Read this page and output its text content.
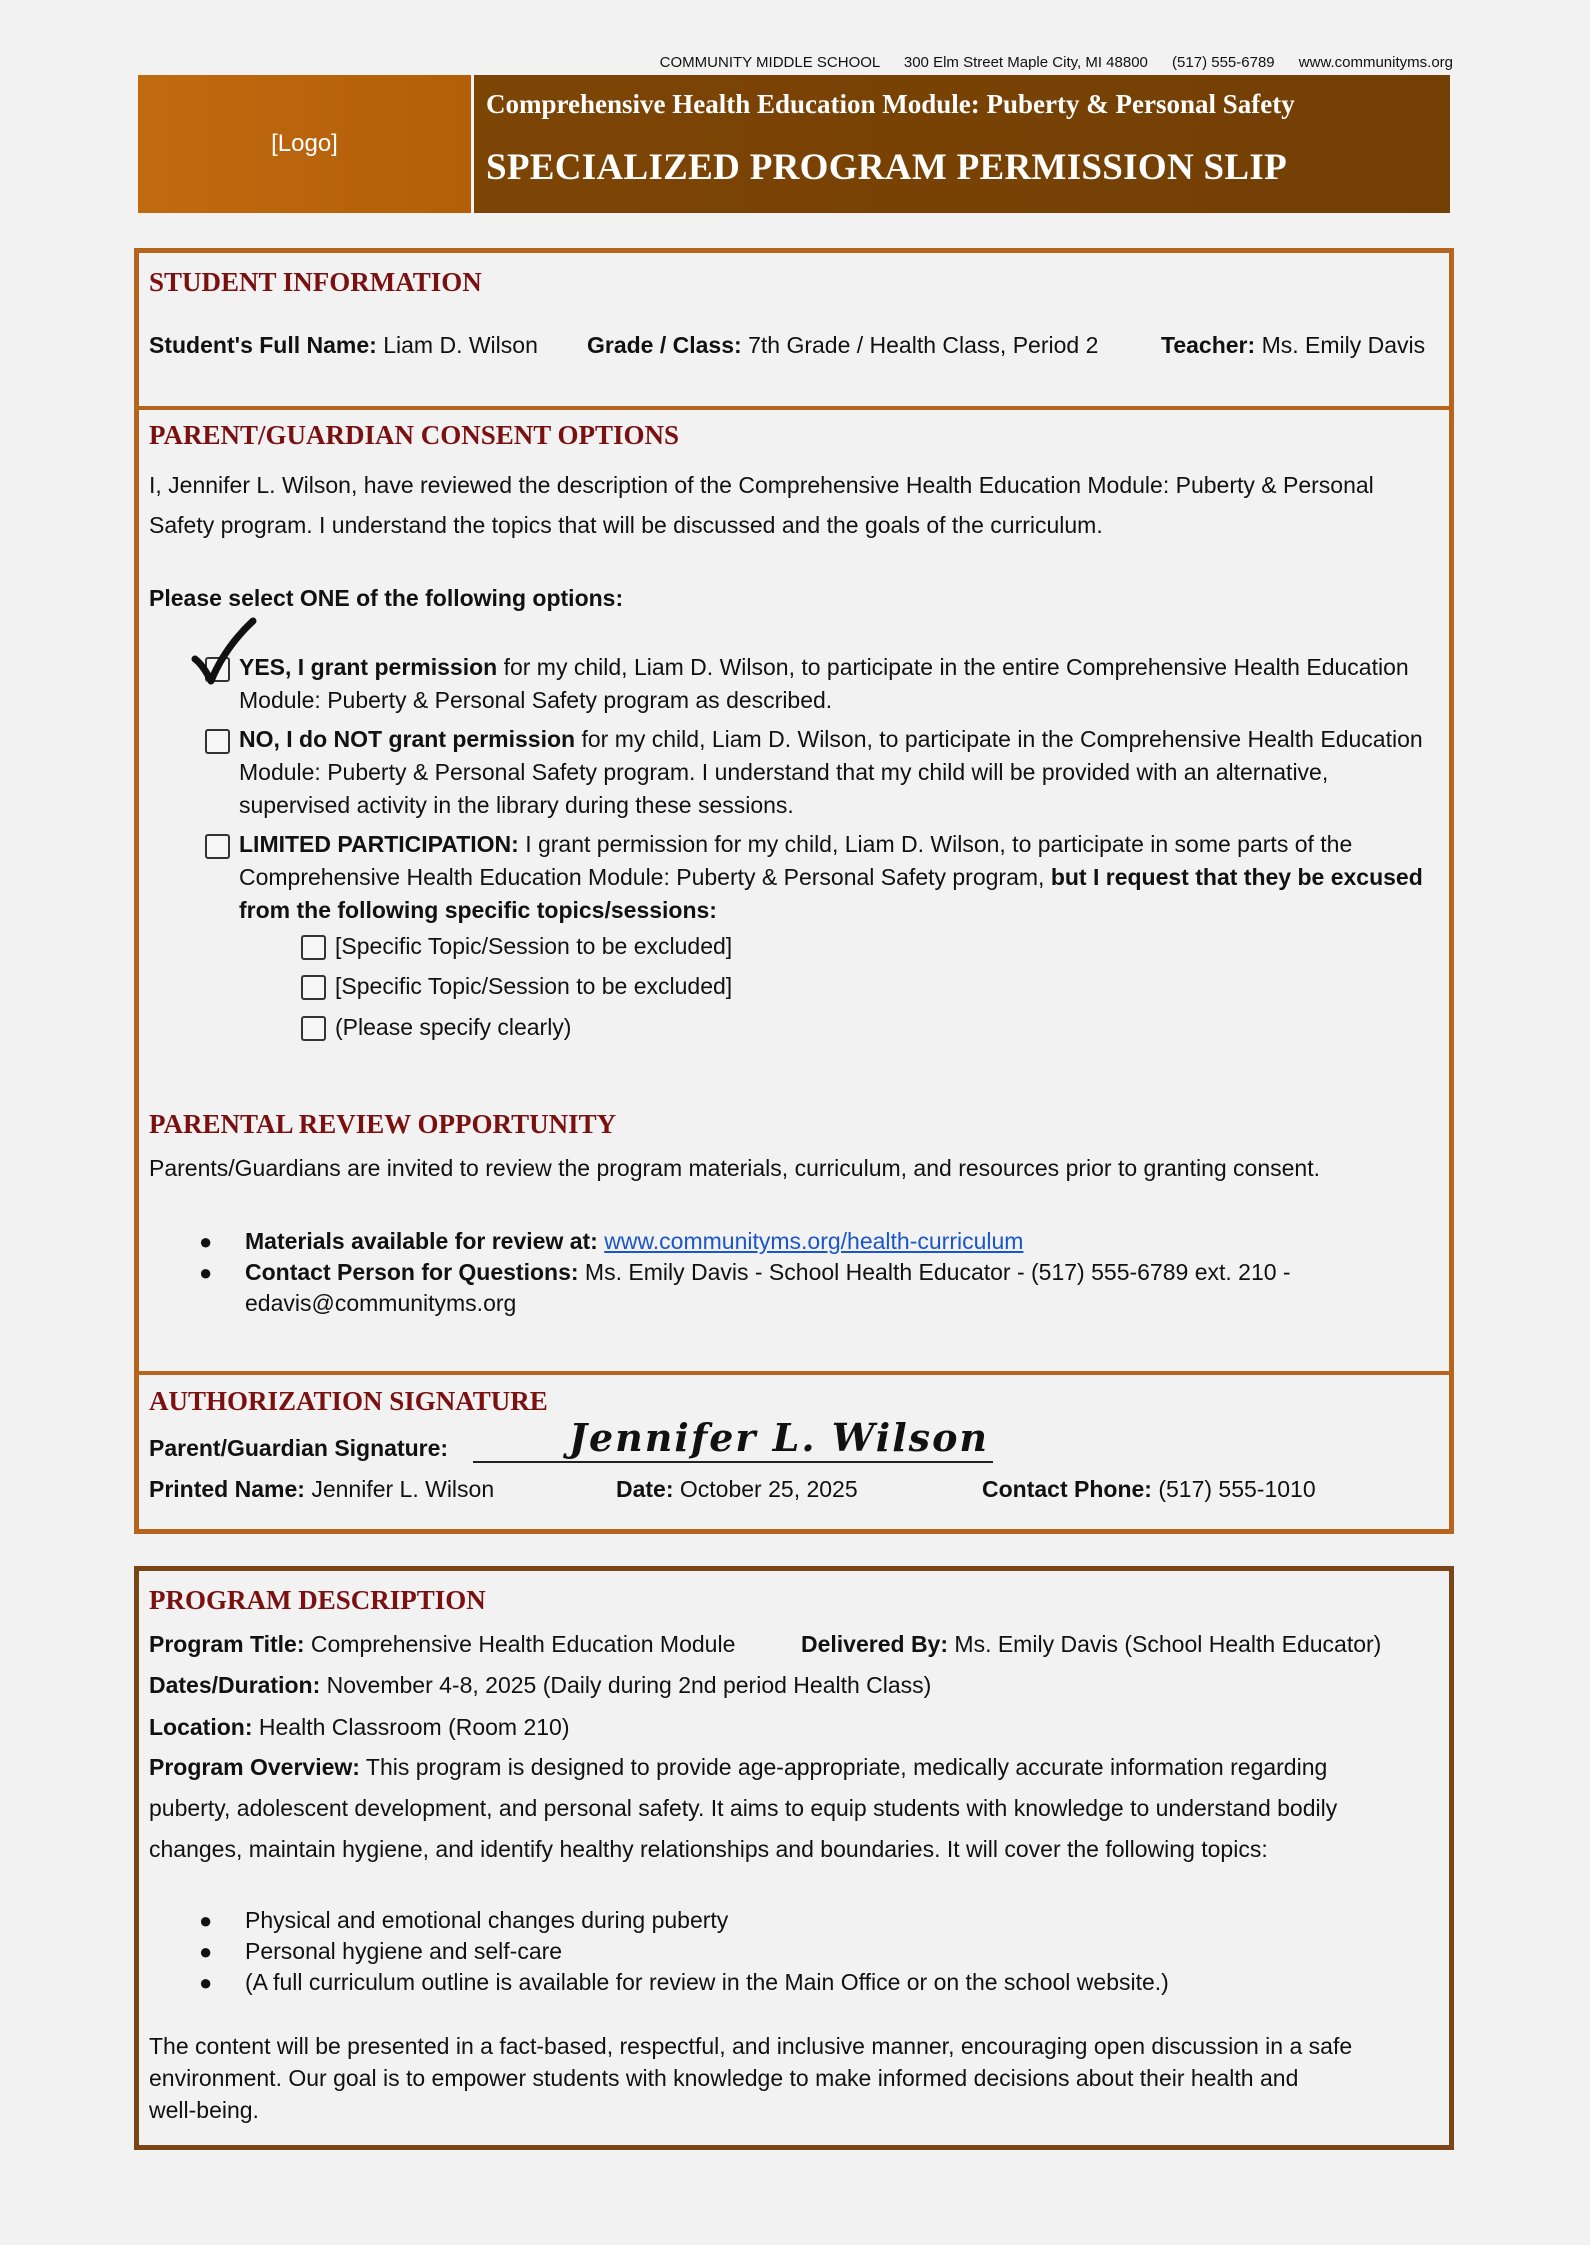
COMMUNITY MIDDLE SCHOOL 300 Elm Street Maple City, MI 48800 (517) 555-6789 www.communityms.org
[Logo]
Comprehensive Health Education Module: Puberty & Personal Safety
SPECIALIZED PROGRAM PERMISSION SLIP
STUDENT INFORMATION
Student's Full Name: Liam D. Wilson Grade / Class: 7th Grade / Health Class, Period 2	Teacher: Ms. Emily Davis
PARENT/GUARDIAN CONSENT OPTIONS
I, Jennifer L. Wilson, have reviewed the description of the Comprehensive Health Education Module: Puberty & Personal
Safety program. I understand the topics that will be discussed and the goals of the curriculum.
Please select ONE of the following options:
YES, I grant permission for my child, Liam D. Wilson, to participate in the entire Comprehensive Health Education Module: Puberty & Personal Safety program as described.
NO, I do NOT grant permission for my child, Liam D. Wilson, to participate in the Comprehensive Health Education Module: Puberty & Personal Safety program. I understand that my child will be provided with an alternative, supervised activity in the library during these sessions.
LIMITED PARTICIPATION: I grant permission for my child, Liam D. Wilson, to participate in some parts of the Comprehensive Health Education Module: Puberty & Personal Safety program, but I request that they be excused from the following specific topics/sessions:
[Specific Topic/Session to be excluded]
[Specific Topic/Session to be excluded]
(Please specify clearly)
PARENTAL REVIEW OPPORTUNITY
Parents/Guardians are invited to review the program materials, curriculum, and resources prior to granting consent.
● Materials available for review at: www.communityms.org/health-curriculum
● Contact Person for Questions: Ms. Emily Davis - School Health Educator - (517) 555-6789 ext. 210 -
edavis@communityms.org
AUTHORIZATION SIGNATURE
Parent/Guardian Signature:	Jennifer L. Wilson
Printed Name: Jennifer L. Wilson	Date: October 25, 2025	Contact Phone: (517) 555-1010
PROGRAM DESCRIPTION
Program Title: Comprehensive Health Education Module	Delivered By: Ms. Emily Davis (School Health Educator)
Dates/Duration: November 4-8, 2025 (Daily during 2nd period Health Class)
Location: Health Classroom (Room 210)
Program Overview: This program is designed to provide age-appropriate, medically accurate information regarding
puberty, adolescent development, and personal safety. It aims to equip students with knowledge to understand bodily
changes, maintain hygiene, and identify healthy relationships and boundaries. It will cover the following topics:
● Physical and emotional changes during puberty
● Personal hygiene and self-care
● (A full curriculum outline is available for review in the Main Office or on the school website.)
The content will be presented in a fact-based, respectful, and inclusive manner, encouraging open discussion in a safe
environment. Our goal is to empower students with knowledge to make informed decisions about their health and
well-being.
